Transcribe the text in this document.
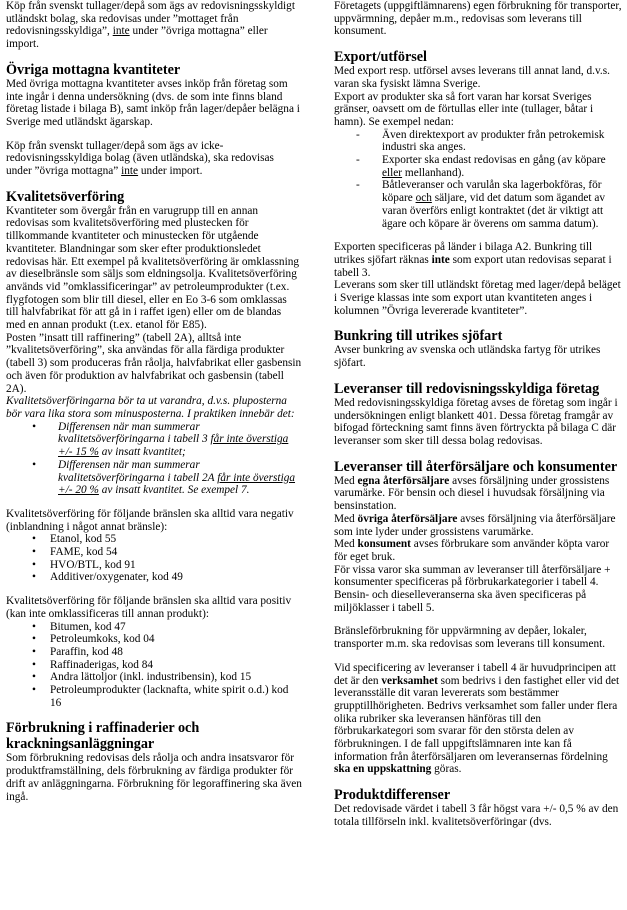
Köp från svenskt tullager/depå som ägs av redovisningsskyldigt utländskt bolag, ska redovisas under ”mottaget från redovisningsskyldiga”, inte under ”övriga mottagna” eller import.

Övriga mottagna kvantiteter

Med övriga mottagna kvantiteter avses inköp från företag som inte ingår i denna undersökning (dvs. de som inte finns bland företag listade i bilaga B), samt inköp från lager/depåer belägna i Sverige med utländskt ägarskap.

Köp från svenskt tullager/depå som ägs av icke-redovisningsskyldiga bolag (även utländska), ska redovisas under ”övriga mottagna” inte under import.

Kvalitetsöverföring

Kvantiteter som övergår från en varugrupp till en annan redovisas som kvalitetsöverföring med plustecken för tillkommande kvantiteter och minustecken för utgående kvantiteter. Blandningar som sker efter produktionsledet redovisas här. Ett exempel på kvalitetsöverföring är omklassning av dieselbränsle som säljs som eldningsolja. Kvalitetsöverföring används vid ”omklassificeringar” av petroleumprodukter (t.ex. flygfotogen som blir till diesel, eller en Eo 3-6 som omklassas till halvfabrikat för att gå in i raffet igen) eller om de blandas med en annan produkt (t.ex. etanol för E85).

Posten ”insatt till raffinering” (tabell 2A), alltså inte ”kvalitetsöverföring”, ska användas för alla färdiga produkter (tabell 3) som produceras från råolja, halvfabrikat eller gasbensin och även för produktion av halvfabrikat och gasbensin (tabell 2A).

Kvalitetsöverföringarna bör ta ut varandra, d.v.s. pluposterna bör vara lika stora som minusposterna. I praktiken innebär det:

• Differensen när man summerar kvalitetsöverföringarna i tabell 3 får inte överstiga +/- 15 % av insatt kvantitet;
• Differensen när man summerar kvalitetsöverföringarna i tabell 2A får inte överstiga +/- 20 % av insatt kvantitet. Se exempel 7.

Kvalitetsöverföring för följande bränslen ska alltid vara negativ (inblandning i något annat bränsle):

• Etanol, kod 55
• FAME, kod 54
• HVO/BTL, kod 91
• Additiver/oxygenater, kod 49

Kvalitetsöverföring för följande bränslen ska alltid vara positiv (kan inte omklassificeras till annan produkt):

• Bitumen, kod 47
• Petroleumkoks, kod 04
• Paraffin, kod 48
• Raffinaderigas, kod 84
• Andra lättoljor (inkl. industribensin), kod 15
• Petroleumprodukter (lacknafta, white spirit o.d.) kod 16
Förbrukning i raffinaderier och krackningsanläggningar

Som förbrukning redovisas dels råolja och andra insatsvaror för produktframställning, dels förbrukning av färdiga produkter för drift av anläggningarna. Förbrukning för legoraffinering ska även ingå.

Företagets (uppgiftlämnarens) egen förbrukning för transporter, uppvärmning, depåer m.m., redovisas som leverans till konsument.

Export/utförsel

Med export resp. utförsel avses leverans till annat land, d.v.s. varan ska fysiskt lämna Sverige.

Export av produkter ska så fort varan har korsat Sveriges gränser, oavsett om de förtullas eller inte (tullager, båtar i hamn). Se exempel nedan:

- Även direktexport av produkter från petrokemisk industri ska anges.
- Exporter ska endast redovisas en gång (av köpare eller mellanhand).
- Båtleveranser och varulån ska lagerbokföras, för köpare och säljare, vid det datum som ägandet av varan överförs enligt kontraktet (det är viktigt att ägare och köpare är överens om samma datum).

Exporten specificeras på länder i bilaga A2. Bunkring till utrikes sjöfart räknas inte som export utan redovisas separat i tabell 3.

Leverans som sker till utländskt företag med lager/depå beläget i Sverige klassas inte som export utan kvantiteten anges i kolumnen ”Övriga levererade kvantiteter”.

Bunkring till utrikes sjöfart

Avser bunkring av svenska och utländska fartyg för utrikes sjöfart.

Leveranser till redovisningsskyldiga företag

Med redovisningsskyldiga företag avses de företag som ingår i undersökningen enligt blankett 401. Dessa företag framgår av bifogad förteckning samt finns även förtryckta på bilaga C där leveranser som sker till dessa bolag redovisas.

Leveranser till återförsäljare och konsumenter

Med egna återförsäljare avses försäljning under grossistens varumärke. För bensin och diesel i huvudsak försäljning via bensinstation.

Med övriga återförsäljare avses försäljning via återförsäljare som inte lyder under grossistens varumärke.

Med konsument avses förbrukare som använder köpta varor för eget bruk.

För vissa varor ska summan av leveranser till återförsäljare + konsumenter specificeras på förbrukarkategorier i tabell 4. Bensin- och dieselleveranserna ska även specificeras på miljöklasser i tabell 5.

Bränsleförbrukning för uppvärmning av depåer, lokaler, transporter m.m. ska redovisas som leverans till konsument.

Vid specificering av leveranser i tabell 4 är huvudprincipen att det är den verksamhet som bedrivs i den fastighet eller vid det leveransställe dit varan levererats som bestämmer grupptillhörigheten. Bedrivs verksamhet som faller under flera olika rubriker ska leveransen hänföras till den förbrukarkategori som svarar för den största delen av förbrukningen. I de fall uppgiftslämnaren inte kan få information från återförsäljaren om leveransernas fördelning ska en uppskattning göras.

Produktdifferenser

Det redovisade värdet i tabell 3 får högst vara +/- 0,5 % av den totala tillförseln inkl. kvalitetsöverföringar (dvs.
